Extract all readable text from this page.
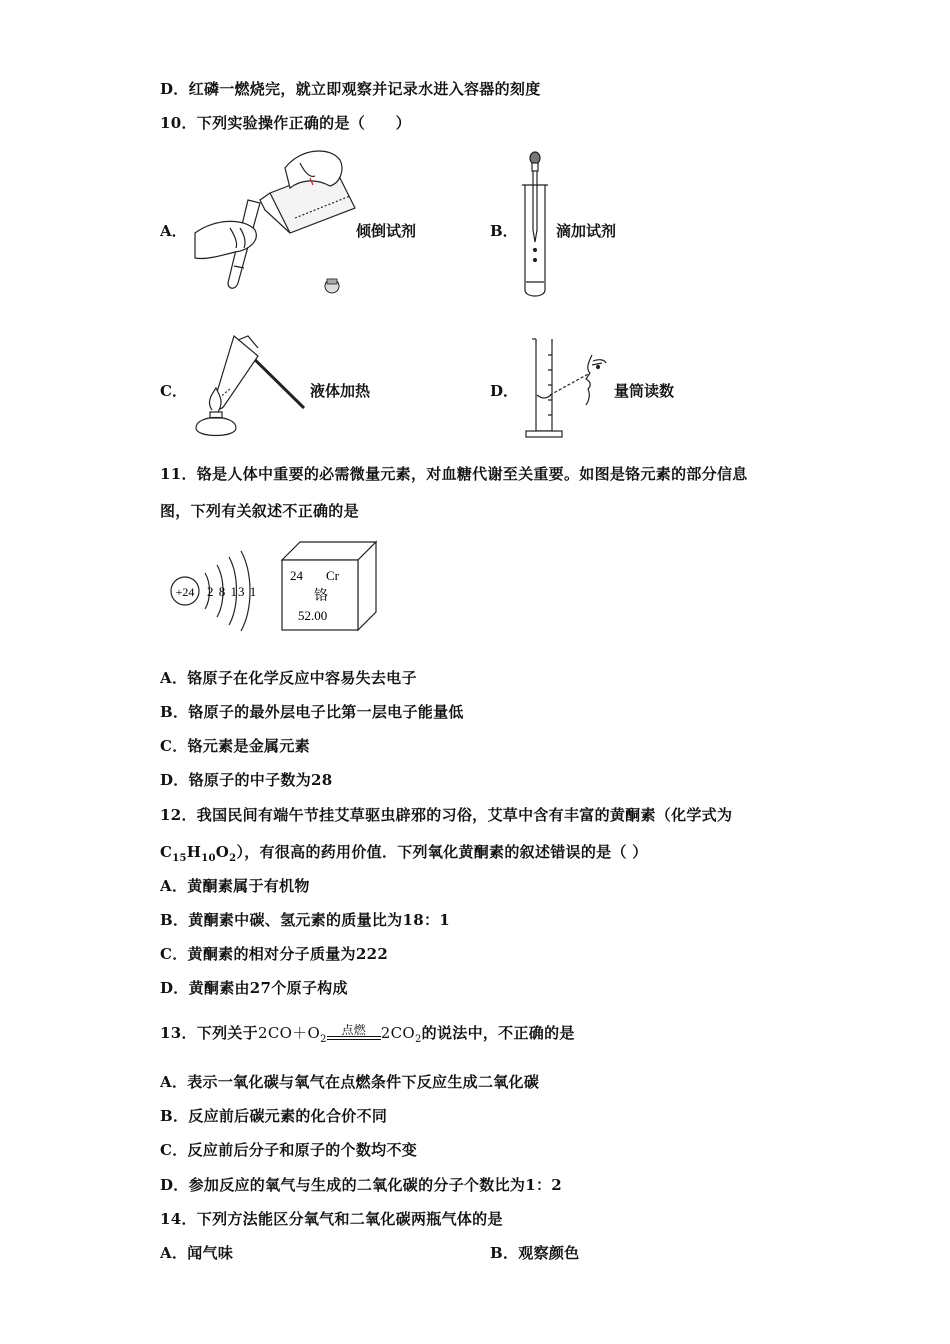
D．红磷一燃烧完，就立即观察并记录水进入容器的刻度
10．下列实验操作正确的是（　　）
A．	倾倒试剂	B．	滴加试剂
C．	液体加热	D．	量筒读数
11．铬是人体中重要的必需微量元素，对血糖代谢至关重要。如图是铬元素的部分信息
图，下列有关叙述不正确的是
+24 2 8 13 1
24 Cr
铬
52.00
A．铬原子在化学反应中容易失去电子
B．铬原子的最外层电子比第一层电子能量低
C．铬元素是金属元素
D．铬原子的中子数为28
12．我国民间有端午节挂艾草驱虫辟邪的习俗，艾草中含有丰富的黄酮素（化学式为
$C_{15}H_{10}O_2$），有很高的药用价值．下列氧化黄酮素的叙述错误的是（ ）
A．黄酮素属于有机物
B．黄酮素中碳、氢元素的质量比为18：1
C．黄酮素的相对分子质量为222
D．黄酮素由27个原子构成
13．下列关于$2CO+O_2$
点燃 $2CO_2$的说法中，不正确的是
A．表示一氧化碳与氧气在点燃条件下反应生成二氧化碳
B．反应前后碳元素的化合价不同
C．反应前后分子和原子的个数均不变
D．参加反应的氧气与生成的二氧化碳的分子个数比为1：2
14．下列方法能区分氧气和二氧化碳两瓶气体的是
A．闻气味	B．观察颜色
